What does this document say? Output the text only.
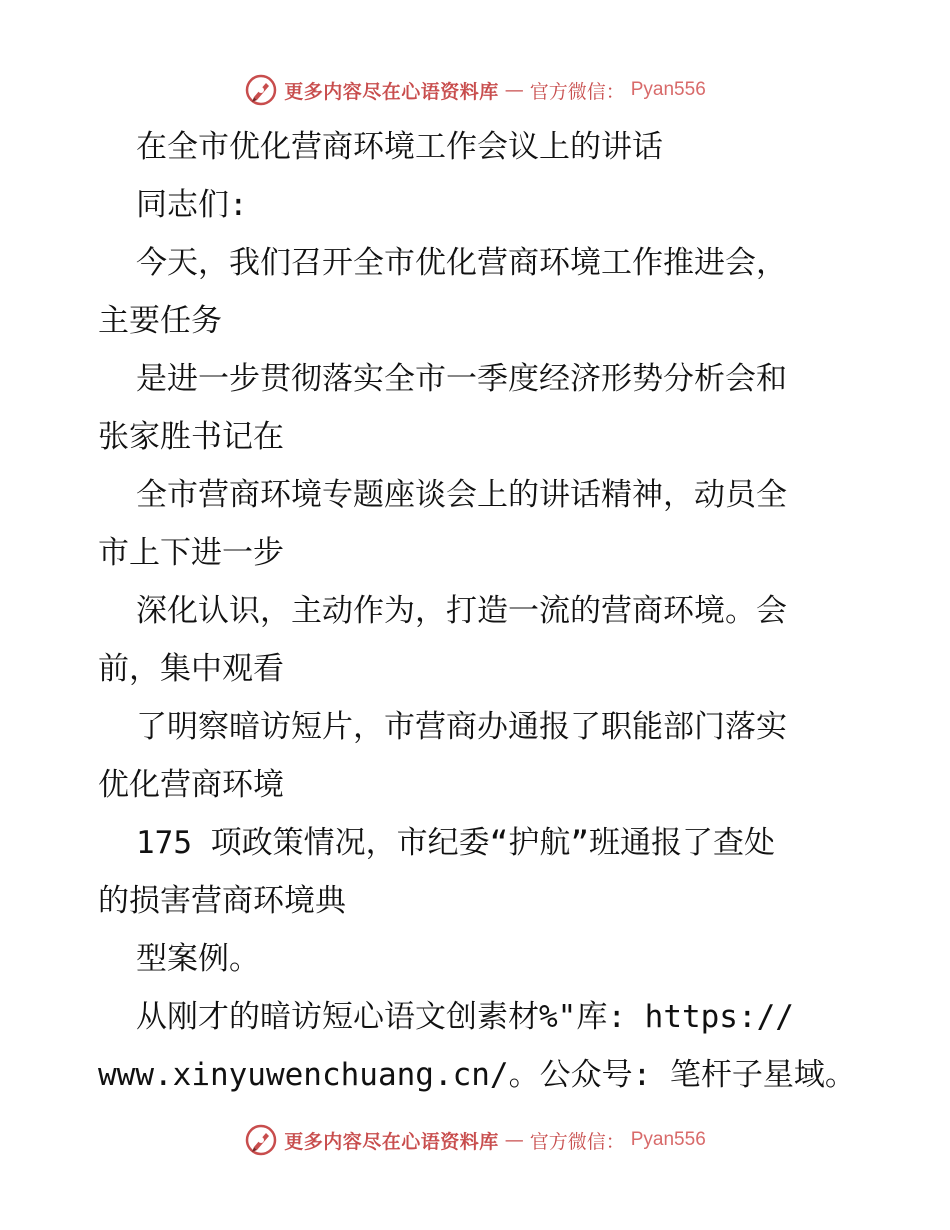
更多内容尽在心语资料库 — 官方微信： Pyan556
在全市优化营商环境工作会议上的讲话
同志们:
今天，我们召开全市优化营商环境工作推进会，
主要任务
是进一步贯彻落实全市一季度经济形势分析会和
张家胜书记在
全市营商环境专题座谈会上的讲话精神，动员全
市上下进一步
深化认识，主动作为，打造一流的营商环境。会
前，集中观看
了明察暗访短片，市营商办通报了职能部门落实
优化营商环境
175 项政策情况，市纪委“护航”班通报了查处
的损害营商环境典
型案例。
从刚才的暗访短心语文创素材%"库: https://
www.xinyuwenchuang.cn/。公众号: 笔杆子星域。
更多内容尽在心语资料库 — 官方微信： Pyan556
